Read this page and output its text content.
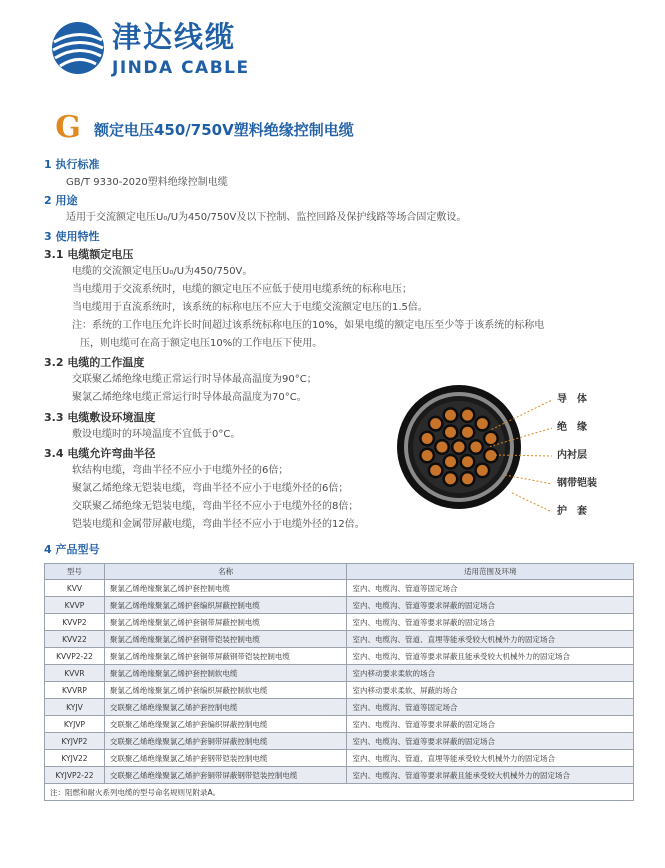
津达线缆
JINDA CABLE
G 额定电压450/750V塑料绝缘控制电缆
1 执行标准
GB/T 9330-2020塑料绝缘控制电缆
2 用途
适用于交流额定电压U₀/U为450/750V及以下控制、监控回路及保护线路等场合固定敷设。
3 使用特性
3.1 电缆额定电压
电缆的交流额定电压U₀/U为450/750V。
当电缆用于交流系统时，电缆的额定电压不应低于使用电缆系统的标称电压；
当电缆用于直流系统时，该系统的标称电压不应大于电缆交流额定电压的1.5倍。
注：系统的工作电压允许长时间超过该系统标称电压的10%，如果电缆的额定电压至少等于该系统的标称电
压，则电缆可在高于额定电压10%的工作电压下使用。
3.2 电缆的工作温度
交联聚乙烯绝缘电缆正常运行时导体最高温度为90°C；
聚氯乙烯绝缘电缆正常运行时导体最高温度为70°C。
3.3 电缆敷设环境温度
敷设电缆时的环境温度不宜低于0°C。
3.4 电缆允许弯曲半径
软结构电缆，弯曲半径不应小于电缆外径的6倍；
聚氯乙烯绝缘无铠装电缆，弯曲半径不应小于电缆外径的6倍；
交联聚乙烯绝缘无铠装电缆，弯曲半径不应小于电缆外径的8倍；
铠装电缆和金属带屏蔽电缆，弯曲半径不应小于电缆外径的12倍。
导　体
绝　缘
内衬层
钢带铠装
护　套
4 产品型号
型号	名称	适用范围及环境
KVV	聚氯乙烯绝缘聚氯乙烯护套控制电缆	室内、电缆沟、管道等固定场合
KVVP	聚氯乙烯绝缘聚氯乙烯护套编织屏蔽控制电缆	室内、电缆沟、管道等要求屏蔽的固定场合
KVVP2	聚氯乙烯绝缘聚氯乙烯护套铜带屏蔽控制电缆	室内、电缆沟、管道等要求屏蔽的固定场合
KVV22	聚氯乙烯绝缘聚氯乙烯护套钢带铠装控制电缆	室内、电缆沟、管道、直埋等能承受较大机械外力的固定场合
KVVP2-22	聚氯乙烯绝缘聚氯乙烯护套铜带屏蔽钢带铠装控制电缆	室内、电缆沟、管道等要求屏蔽且能承受较大机械外力的固定场合
KVVR	聚氯乙烯绝缘聚氯乙烯护套控制软电缆	室内移动要求柔软的场合
KVVRP	聚氯乙烯绝缘聚氯乙烯护套编织屏蔽控制软电缆	室内移动要求柔软、屏蔽的场合
KYJV	交联聚乙烯绝缘聚氯乙烯护套控制电缆	室内、电缆沟、管道等固定场合
KYJVP	交联聚乙烯绝缘聚氯乙烯护套编织屏蔽控制电缆	室内、电缆沟、管道等要求屏蔽的固定场合
KYJVP2	交联聚乙烯绝缘聚氯乙烯护套铜带屏蔽控制电缆	室内、电缆沟、管道等要求屏蔽的固定场合
KYJV22	交联聚乙烯绝缘聚氯乙烯护套钢带铠装控制电缆	室内、电缆沟、管道、直埋等能承受较大机械外力的固定场合
KYJVP2-22	交联聚乙烯绝缘聚氯乙烯护套铜带屏蔽钢带铠装控制电缆	室内、电缆沟、管道等要求屏蔽且能承受较大机械外力的固定场合
注：阻燃和耐火系列电缆的型号命名规则见附录A。		
